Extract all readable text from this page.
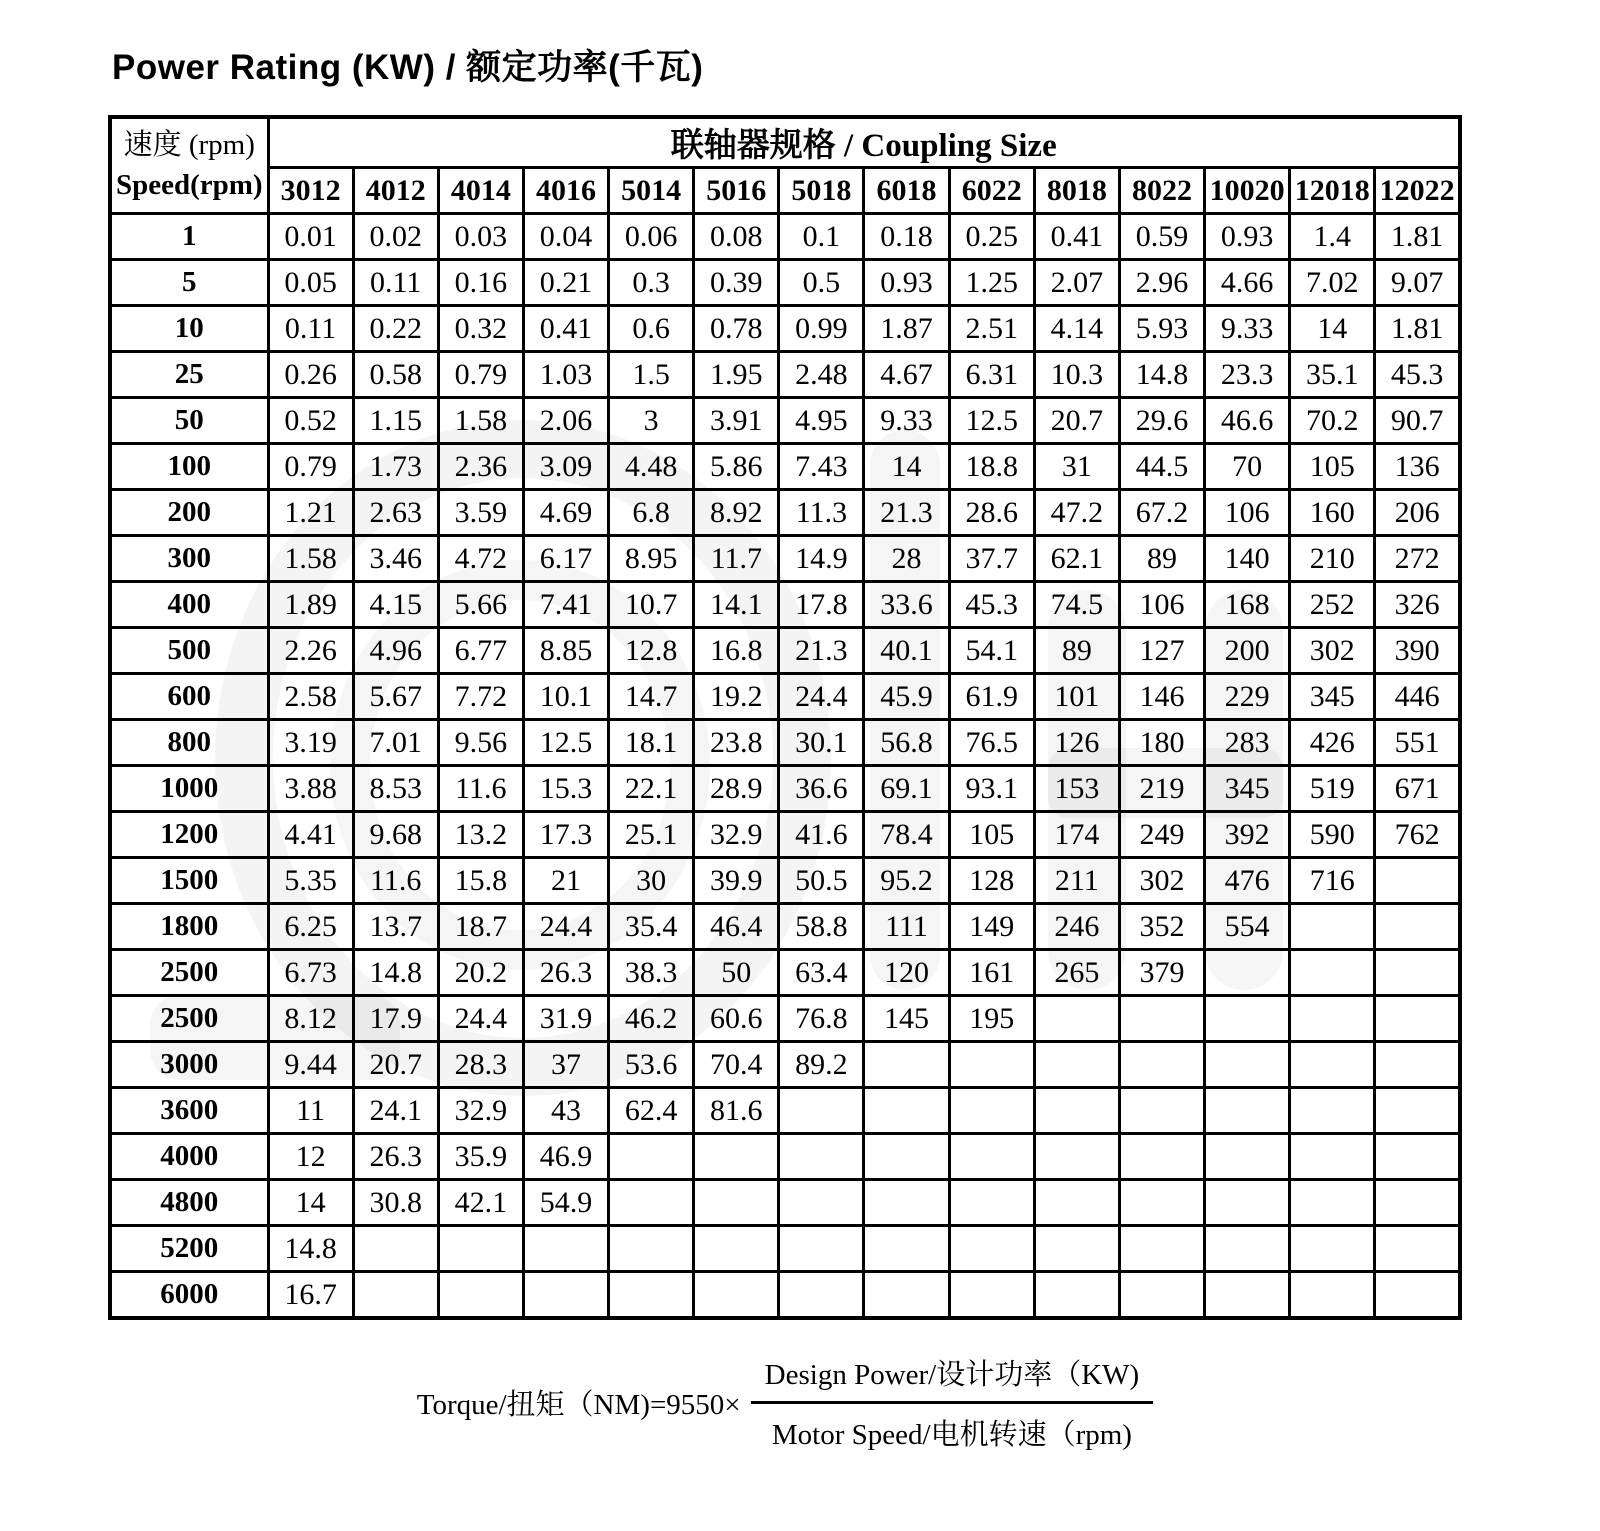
Power Rating (KW) / 额定功率(千瓦)
速度 (rpm)
Speed(rpm)	联轴器规格 / Coupling Size													
	3012	4012	4014	4016	5014	5016	5018	6018	6022	8018	8022	10020	12018	12022
1	0.01	0.02	0.03	0.04	0.06	0.08	0.1	0.18	0.25	0.41	0.59	0.93	1.4	1.81
5	0.05	0.11	0.16	0.21	0.3	0.39	0.5	0.93	1.25	2.07	2.96	4.66	7.02	9.07
10	0.11	0.22	0.32	0.41	0.6	0.78	0.99	1.87	2.51	4.14	5.93	9.33	14	1.81
25	0.26	0.58	0.79	1.03	1.5	1.95	2.48	4.67	6.31	10.3	14.8	23.3	35.1	45.3
50	0.52	1.15	1.58	2.06	3	3.91	4.95	9.33	12.5	20.7	29.6	46.6	70.2	90.7
100	0.79	1.73	2.36	3.09	4.48	5.86	7.43	14	18.8	31	44.5	70	105	136
200	1.21	2.63	3.59	4.69	6.8	8.92	11.3	21.3	28.6	47.2	67.2	106	160	206
300	1.58	3.46	4.72	6.17	8.95	11.7	14.9	28	37.7	62.1	89	140	210	272
400	1.89	4.15	5.66	7.41	10.7	14.1	17.8	33.6	45.3	74.5	106	168	252	326
500	2.26	4.96	6.77	8.85	12.8	16.8	21.3	40.1	54.1	89	127	200	302	390
600	2.58	5.67	7.72	10.1	14.7	19.2	24.4	45.9	61.9	101	146	229	345	446
800	3.19	7.01	9.56	12.5	18.1	23.8	30.1	56.8	76.5	126	180	283	426	551
1000	3.88	8.53	11.6	15.3	22.1	28.9	36.6	69.1	93.1	153	219	345	519	671
1200	4.41	9.68	13.2	17.3	25.1	32.9	41.6	78.4	105	174	249	392	590	762
1500	5.35	11.6	15.8	21	30	39.9	50.5	95.2	128	211	302	476	716	
1800	6.25	13.7	18.7	24.4	35.4	46.4	58.8	111	149	246	352	554		
2500	6.73	14.8	20.2	26.3	38.3	50	63.4	120	161	265	379			
2500	8.12	17.9	24.4	31.9	46.2	60.6	76.8	145	195					
3000	9.44	20.7	28.3	37	53.6	70.4	89.2							
3600	11	24.1	32.9	43	62.4	81.6								
4000	12	26.3	35.9	46.9										
4800	14	30.8	42.1	54.9										
5200	14.8													
6000	16.7													
Torque/扭矩$(NM)=9550\times \frac{\text{Design Power/设计功率（KW)}}{\text{Motor Speed/电机转速（rpm)}}$
